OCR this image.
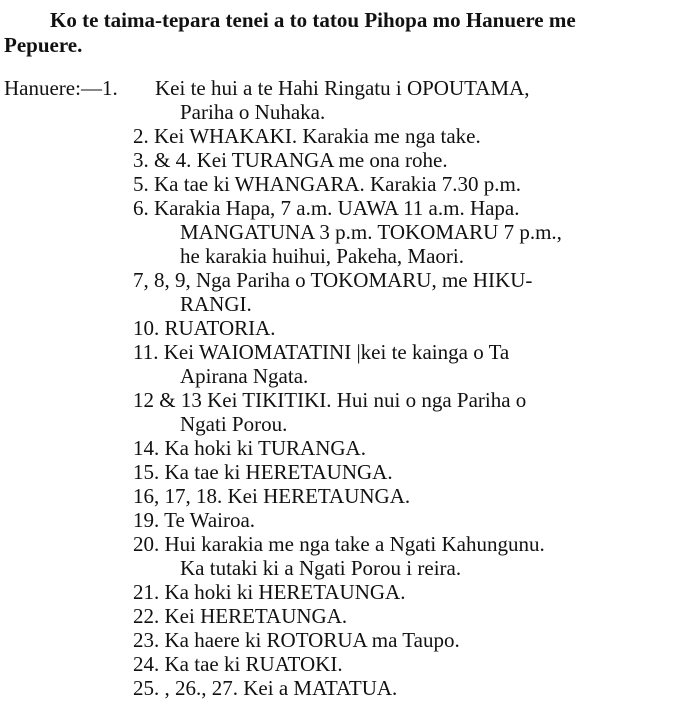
Ko te taima-tepara tenei a to tatou Pihopa mo Hanuere me
Pepuere.
Hanuere:—1. Kei te hui a te Hahi Ringatu i OPOUTAMA,
Pariha o Nuhaka.
2. Kei WHAKAKI. Karakia me nga take.
3. & 4. Kei TURANGA me ona rohe.
5. Ka tae ki WHANGARA. Karakia 7.30 p.m.
6. Karakia Hapa, 7 a.m. UAWA 11 a.m. Hapa.
MANGATUNA 3 p.m. TOKOMARU 7 p.m.,
he karakia huihui, Pakeha, Maori.
7, 8, 9, Nga Pariha o TOKOMARU, me HIKU-
RANGI.
10. RUATORIA.
11. Kei WAIOMATATINI |kei te kainga o Ta
Apirana Ngata.
12 & 13 Kei TIKITIKI. Hui nui o nga Pariha o
Ngati Porou.
14. Ka hoki ki TURANGA.
15. Ka tae ki HERETAUNGA.
16, 17, 18. Kei HERETAUNGA.
19. Te Wairoa.
20. Hui karakia me nga take a Ngati Kahungunu.
Ka tutaki ki a Ngati Porou i reira.
21. Ka hoki ki HERETAUNGA.
22. Kei HERETAUNGA.
23. Ka haere ki ROTORUA ma Taupo.
24. Ka tae ki RUATOKI.
25. , 26., 27. Kei a MATATUA.
